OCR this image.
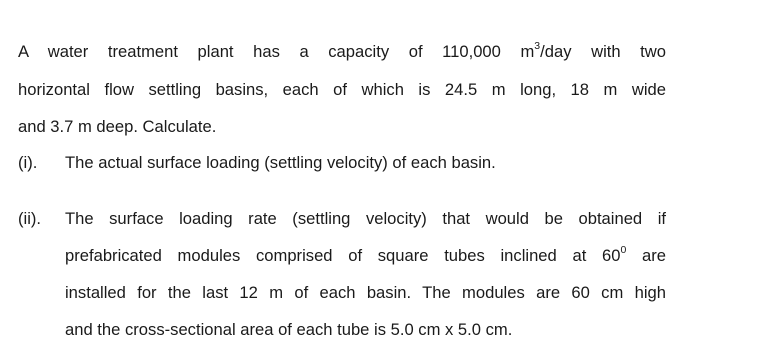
A water treatment plant has a capacity of 110,000 $m^3$/day with two
horizontal flow settling basins, each of which is 24.5 m long, 18 m wide
and 3.7 m deep. Calculate.
(i). The actual surface loading (settling velocity) of each basin.
(ii). The surface loading rate (settling velocity) that would be obtained if
prefabricated modules comprised of square tubes inclined at $60^0$ are
installed for the last 12 m of each basin. The modules are 60 cm high
and the cross-sectional area of each tube is 5.0 cm x 5.0 cm.
